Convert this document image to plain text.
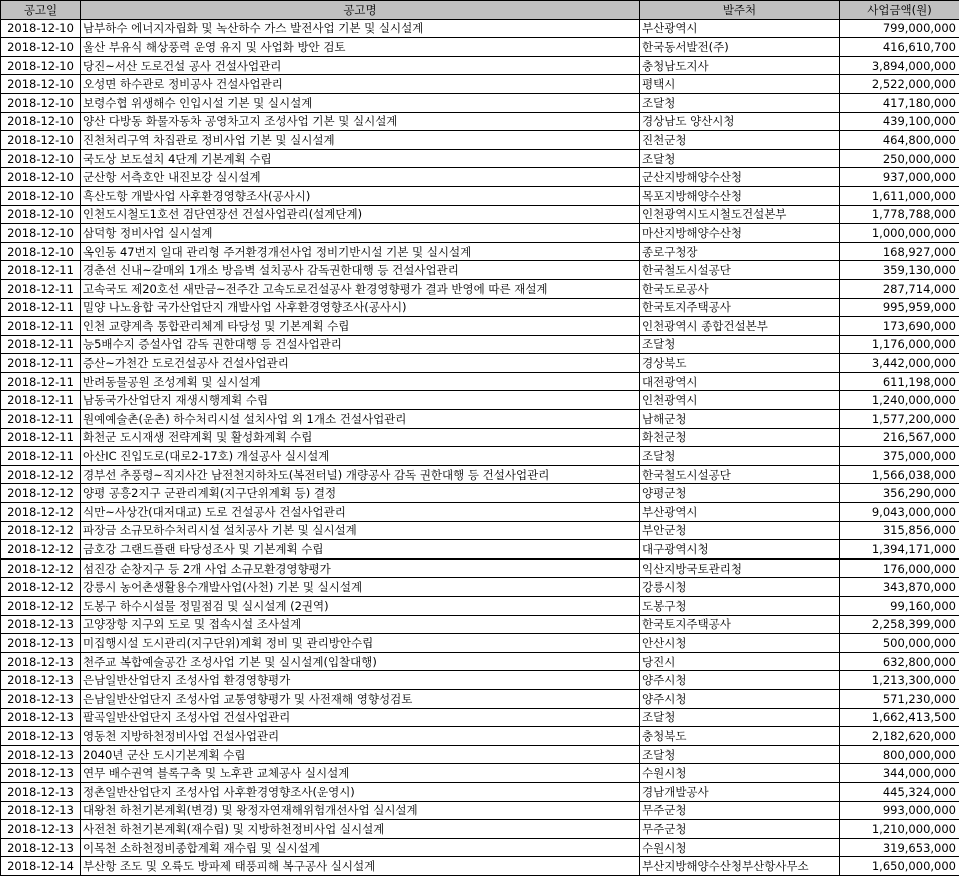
공고일	공고명	발주처	사업금액(원)
2018-12-10	남부하수 에너지자립화 및 녹산하수 가스 발전사업 기본 및 실시설계	부산광역시	799,000,000
2018-12-10	울산 부유식 해상풍력 운영 유지 및 사업화 방안 검토	한국동서발전(주)	416,610,700
2018-12-10	당진~서산 도로건설 공사 건설사업관리	충청남도지사	3,894,000,000
2018-12-10	오성면 하수관로 정비공사 건설사업관리	평택시	2,522,000,000
2018-12-10	보령수협 위생해수 인입시설 기본 및 실시설계	조달청	417,180,000
2018-12-10	양산 다방동 화물자동차 공영차고지 조성사업 기본 및 실시설계	경상남도 양산시청	439,100,000
2018-12-10	진천처리구역 차집관로 정비사업 기본 및 실시설계	진천군청	464,800,000
2018-12-10	국도상 보도설치 4단계 기본계획 수립	조달청	250,000,000
2018-12-10	군산항 서측호안 내진보강 실시설계	군산지방해양수산청	937,000,000
2018-12-10	흑산도항 개발사업 사후환경영향조사(공사시)	목포지방해양수산청	1,611,000,000
2018-12-10	인천도시철도1호선 검단연장선 건설사업관리(설계단계)	인천광역시도시철도건설본부	1,778,788,000
2018-12-10	삼덕항 정비사업 실시설계	마산지방해양수산청	1,000,000,000
2018-12-10	옥인동 47번지 일대 관리형 주거환경개선사업 정비기반시설 기본 및 실시설계	종로구청장	168,927,000
2018-12-11	경춘선 신내~갈매외 1개소 방음벽 설치공사 감독권한대행 등 건설사업관리	한국철도시설공단	359,130,000
2018-12-11	고속국도 제20호선 새만금~전주간 고속도로건설공사 환경영향평가 결과 반영에 따른 재설계	한국도로공사	287,714,000
2018-12-11	밀양 나노융합 국가산업단지 개발사업 사후환경영향조사(공사시)	한국토지주택공사	995,959,000
2018-12-11	인천 교량계측 통합관리체계 타당성 및 기본계획 수립	인천광역시 종합건설본부	173,690,000
2018-12-11	능5배수지 증설사업 감독 권한대행 등 건설사업관리	조달청	1,176,000,000
2018-12-11	증산~가천간 도로건설공사 건설사업관리	경상북도	3,442,000,000
2018-12-11	반려동물공원 조성계획 및 실시설계	대전광역시	611,198,000
2018-12-11	남동국가산업단지 재생시행계획 수립	인천광역시	1,240,000,000
2018-12-11	원예예술촌(운촌) 하수처리시설 설치사업 외 1개소 건설사업관리	남해군청	1,577,200,000
2018-12-11	화천군 도시재생 전략계획 및 활성화계획 수립	화천군청	216,567,000
2018-12-11	아산IC 진입도로(대로2-17호) 개설공사 실시설계	조달청	375,000,000
2018-12-12	경부선 추풍령~직지사간 남전천지하차도(복전터널) 개량공사 감독 권한대행 등 건설사업관리	한국철도시설공단	1,566,038,000
2018-12-12	양평 공흥2지구 군관리계획(지구단위계획 등) 결정	양평군청	356,290,000
2018-12-12	식만~사상간(대저대교) 도로 건설공사 건설사업관리	부산광역시	9,043,000,000
2018-12-12	파장금 소규모하수처리시설 설치공사 기본 및 실시설계	부안군청	315,856,000
2018-12-12	금호강 그랜드플랜 타당성조사 및 기본계획 수립	대구광역시청	1,394,171,000
2018-12-12	섬진강 순창지구 등 2개 사업 소규모환경영향평가	익산지방국토관리청	176,000,000
2018-12-12	강릉시 농어촌생활용수개발사업(사천) 기본 및 실시설계	강릉시청	343,870,000
2018-12-12	도봉구 하수시설물 정밀점검 및 실시설계 (2권역)	도봉구청	99,160,000
2018-12-13	고양장항 지구외 도로 및 접속시설 조사설계	한국토지주택공사	2,258,399,000
2018-12-13	미집행시설 도시관리(지구단위)계획 정비 및 관리방안수립	안산시청	500,000,000
2018-12-13	천주교 복합예술공간 조성사업 기본 및 실시설계(입찰대행)	당진시	632,800,000
2018-12-13	은남일반산업단지 조성사업 환경영향평가	양주시청	1,213,300,000
2018-12-13	은남일반산업단지 조성사업 교통영향평가 및 사전재해 영향성검토	양주시청	571,230,000
2018-12-13	팔곡일반산업단지 조성사업 건설사업관리	조달청	1,662,413,500
2018-12-13	영동천 지방하천정비사업 건설사업관리	충청북도	2,182,620,000
2018-12-13	2040년 군산 도시기본계획 수립	조달청	800,000,000
2018-12-13	연무 배수권역 블록구축 및 노후관 교체공사 실시설계	수원시청	344,000,000
2018-12-13	정촌일반산업단지 조성사업 사후환경영향조사(운영시)	경남개발공사	445,324,000
2018-12-13	대왕천 하천기본계획(변경) 및 왕정자연재해위험개선사업 실시설계	무주군청	993,000,000
2018-12-13	사전천 하천기본계획(재수립) 및 지방하천정비사업 실시설계	무주군청	1,210,000,000
2018-12-13	이목천 소하천정비종합계획 재수립 및 실시설계	수원시청	319,653,000
2018-12-14	부산항 조도 및 오륙도 방파제 태풍피해 복구공사 실시설계	부산지방해양수산청부산항사무소	1,650,000,000
